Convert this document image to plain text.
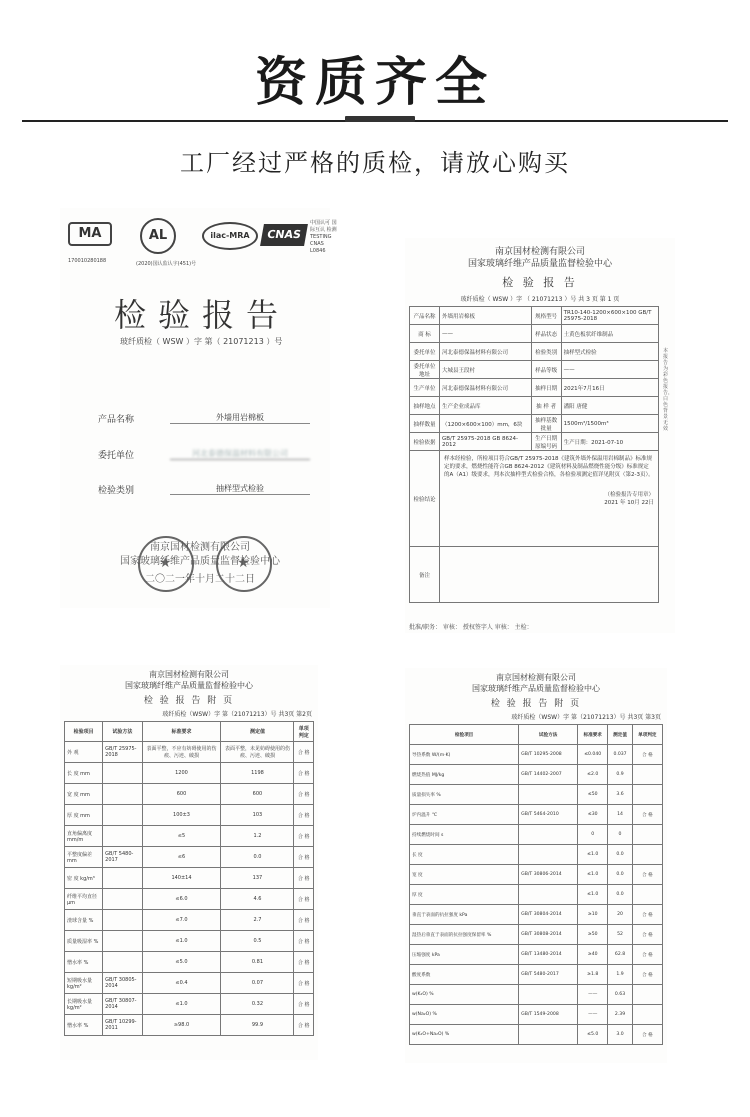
资质齐全
工厂经过严格的质检，请放心购买
MA	AL	ilac-MRA	CNAS
170010280188	(2020)国认监认字(451)号
中国认可 国际互认 检测 TESTING CNAS L0846
检验报告
玻纤质检（ WSW ）字 第（ 21071213 ）号
产品名称	外墙用岩棉板
委托单位	河北泰德保温材料有限公司
检验类别	抽样型式检验
★
★
南京国材检测有限公司
国家玻璃纤维产品质量监督检验中心
二〇二一年十月二十二日
南京国材检测有限公司
国家玻璃纤维产品质量监督检验中心
检 验 报 告
玻纤质检（ WSW ）字 （ 21071213 ）号 共 3 页 第 1 页
产品名称	外墙用岩棉板	规格型号	TR10-140-1200×600×100 GB/T 25975-2018
商 标	——	样品状态	土黄色板状纤维制品
委托单位	河北泰德保温材料有限公司	检验类别	抽样型式检验
委托单位地址	大城县王段村	样品等级	——
生产单位	河北泰德保温材料有限公司	抽样日期	2021年7月16日
抽样地点	生产企业成品库	抽 样 者	潘阳 唐健
抽样数量	（1200×600×100）mm，6块	抽样基数批量	1500m³/1500m³
检验依据	GB/T 25975-2018 GB 8624-2012	生产日期原编号码	生产日期：2021-07-10
检验结论	样本经检验，所检项目符合GB/T 25975-2018《建筑外墙外保温用岩棉制品》标准规定的要求，燃烧性能符合GB 8624-2012《建筑材料及制品燃烧性能分级》标准规定的A（A1）级要求，判本次抽样型式检验合格，各检验项测定值详见附页（第2-3页）。
（检验报告专用章）
2021 年 10月 22日		

备注			
本报告为彩色报告，白色背景无效
批准/职务： 审核： 授权签字人 审核： 主检：
南京国材检测有限公司
国家玻璃纤维产品质量监督检验中心
检 验 报 告 附 页
玻纤质检（WSW）字 第（21071213）号 共3页 第2页
检验项目	试验方法	标准要求	测定值	单项判定
外 观	GB/T 25975-2018	表面平整，不应有妨碍使用的伤痕、污迹、破损	表面平整，未见妨碍使用的伤痕、污迹、破损	合 格
长 度 mm		1200	1198	合 格
宽 度 mm		600	600	合 格
厚 度 mm		100±3	103	合 格
直角偏离度 mm/m		≤5	1.2	合 格
平整度偏差 mm	GB/T 5480-2017	≤6	0.0	合 格
密 度 kg/m³		140±14	137	合 格
纤维平均直径 μm		≤6.0	4.6	合 格
渣球含量 %		≤7.0	2.7	合 格
质量吸湿率 %		≤1.0	0.5	合 格
憎水率 %		≤5.0	0.81	合 格
短期吸水量 kg/m²	GB/T 30805-2014	≤0.4	0.07	合 格
长期吸水量 kg/m²	GB/T 30807-2014	≤1.0	0.32	合 格
憎水率 %	GB/T 10299-2011	≥98.0	99.9	合 格
南京国材检测有限公司
国家玻璃纤维产品质量监督检验中心
检 验 报 告 附 页
玻纤质检（WSW）字 第（21071213）号 共3页 第3页
检验项目	试验方法	标准要求	测定值	单项判定
导热系数 W/(m·K)	GB/T 10295-2008	≤0.040	0.037	合 格
燃烧热值 MJ/kg	GB/T 14402-2007	≤2.0	0.9	
质量损失率 %		≤50	3.6	
炉内温升 ℃	GB/T 5464-2010	≤30	14	合 格
持续燃烧时间 s		0	0	
长 度		≤1.0	0.0	
宽 度	GB/T 30806-2014	≤1.0	0.0	合 格
厚 度		≤1.0	0.0	
垂直于表面的抗拉强度 kPa	GB/T 30804-2014	≥10	20	合 格
湿热后垂直于表面的抗拉强度保留率 %	GB/T 30808-2014	≥50	52	合 格
压缩强度 kPa	GB/T 13480-2014	≥40	62.8	合 格
酸度系数	GB/T 5480-2017	≥1.8	1.9	合 格
w(K₂O) %		——	0.63	
w(Na₂O) %	GB/T 1549-2008	——	2.39	
w(K₂O+Na₂O) %		≤5.0	3.0	合 格
